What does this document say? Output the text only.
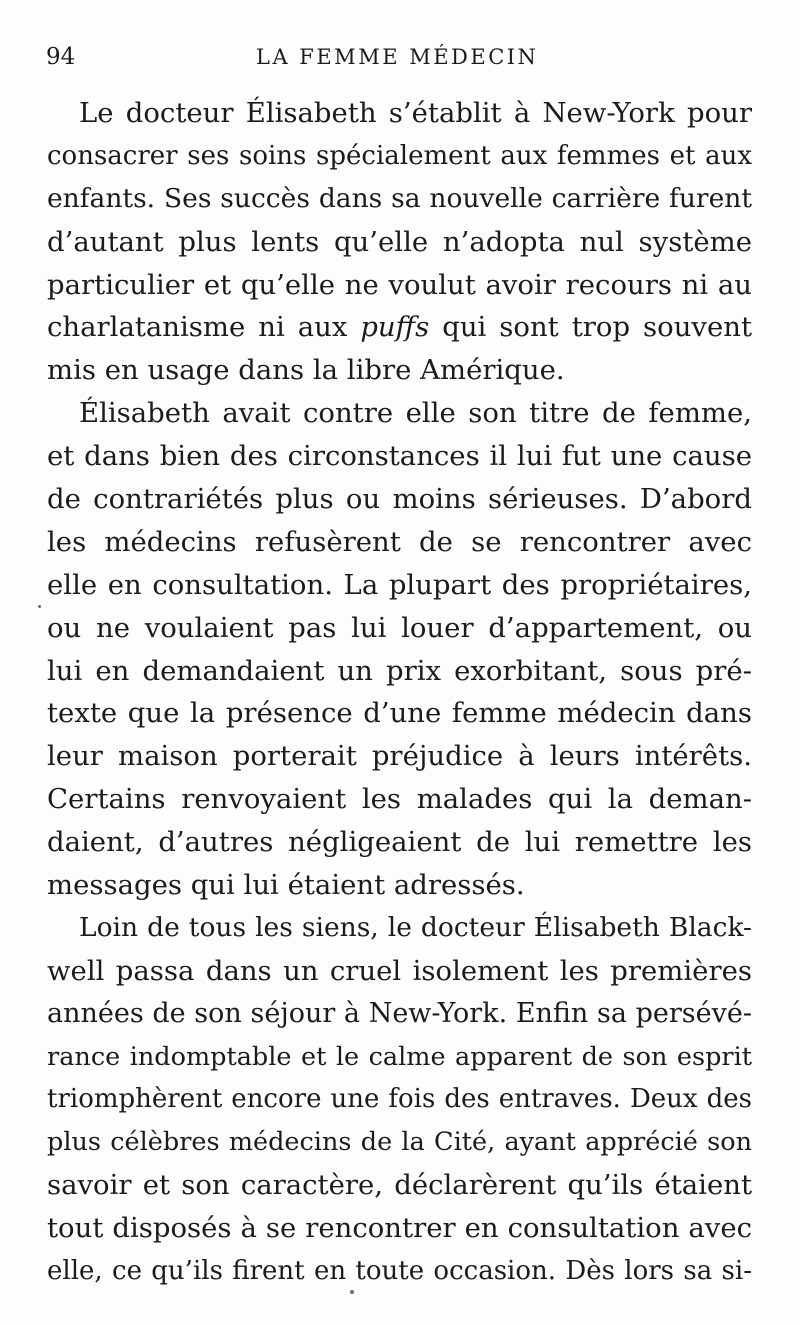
94	LA FEMME MÉDECIN
Le docteur Élisabeth s’établit à New-York pour
consacrer ses soins spécialement aux femmes et aux
enfants. Ses succès dans sa nouvelle carrière furent
d’autant plus lents qu’elle n’adopta nul système
particulier et qu’elle ne voulut avoir recours ni au
charlatanisme ni aux puffs qui sont trop souvent
mis en usage dans la libre Amérique.
Élisabeth avait contre elle son titre de femme,
et dans bien des circonstances il lui fut une cause
de contrariétés plus ou moins sérieuses. D’abord
les médecins refusèrent de se rencontrer avec
elle en consultation. La plupart des propriétaires,
ou ne voulaient pas lui louer d’appartement, ou
lui en demandaient un prix exorbitant, sous pré-
texte que la présence d’une femme médecin dans
leur maison porterait préjudice à leurs intérêts.
Certains renvoyaient les malades qui la deman-
daient, d’autres négligeaient de lui remettre les
messages qui lui étaient adressés.
Loin de tous les siens, le docteur Élisabeth Black-
well passa dans un cruel isolement les premières
années de son séjour à New-York. Enfin sa persévé-
rance indomptable et le calme apparent de son esprit
triomphèrent encore une fois des entraves. Deux des
plus célèbres médecins de la Cité, ayant apprécié son
savoir et son caractère, déclarèrent qu’ils étaient
tout disposés à se rencontrer en consultation avec
elle, ce qu’ils firent en toute occasion. Dès lors sa si-
